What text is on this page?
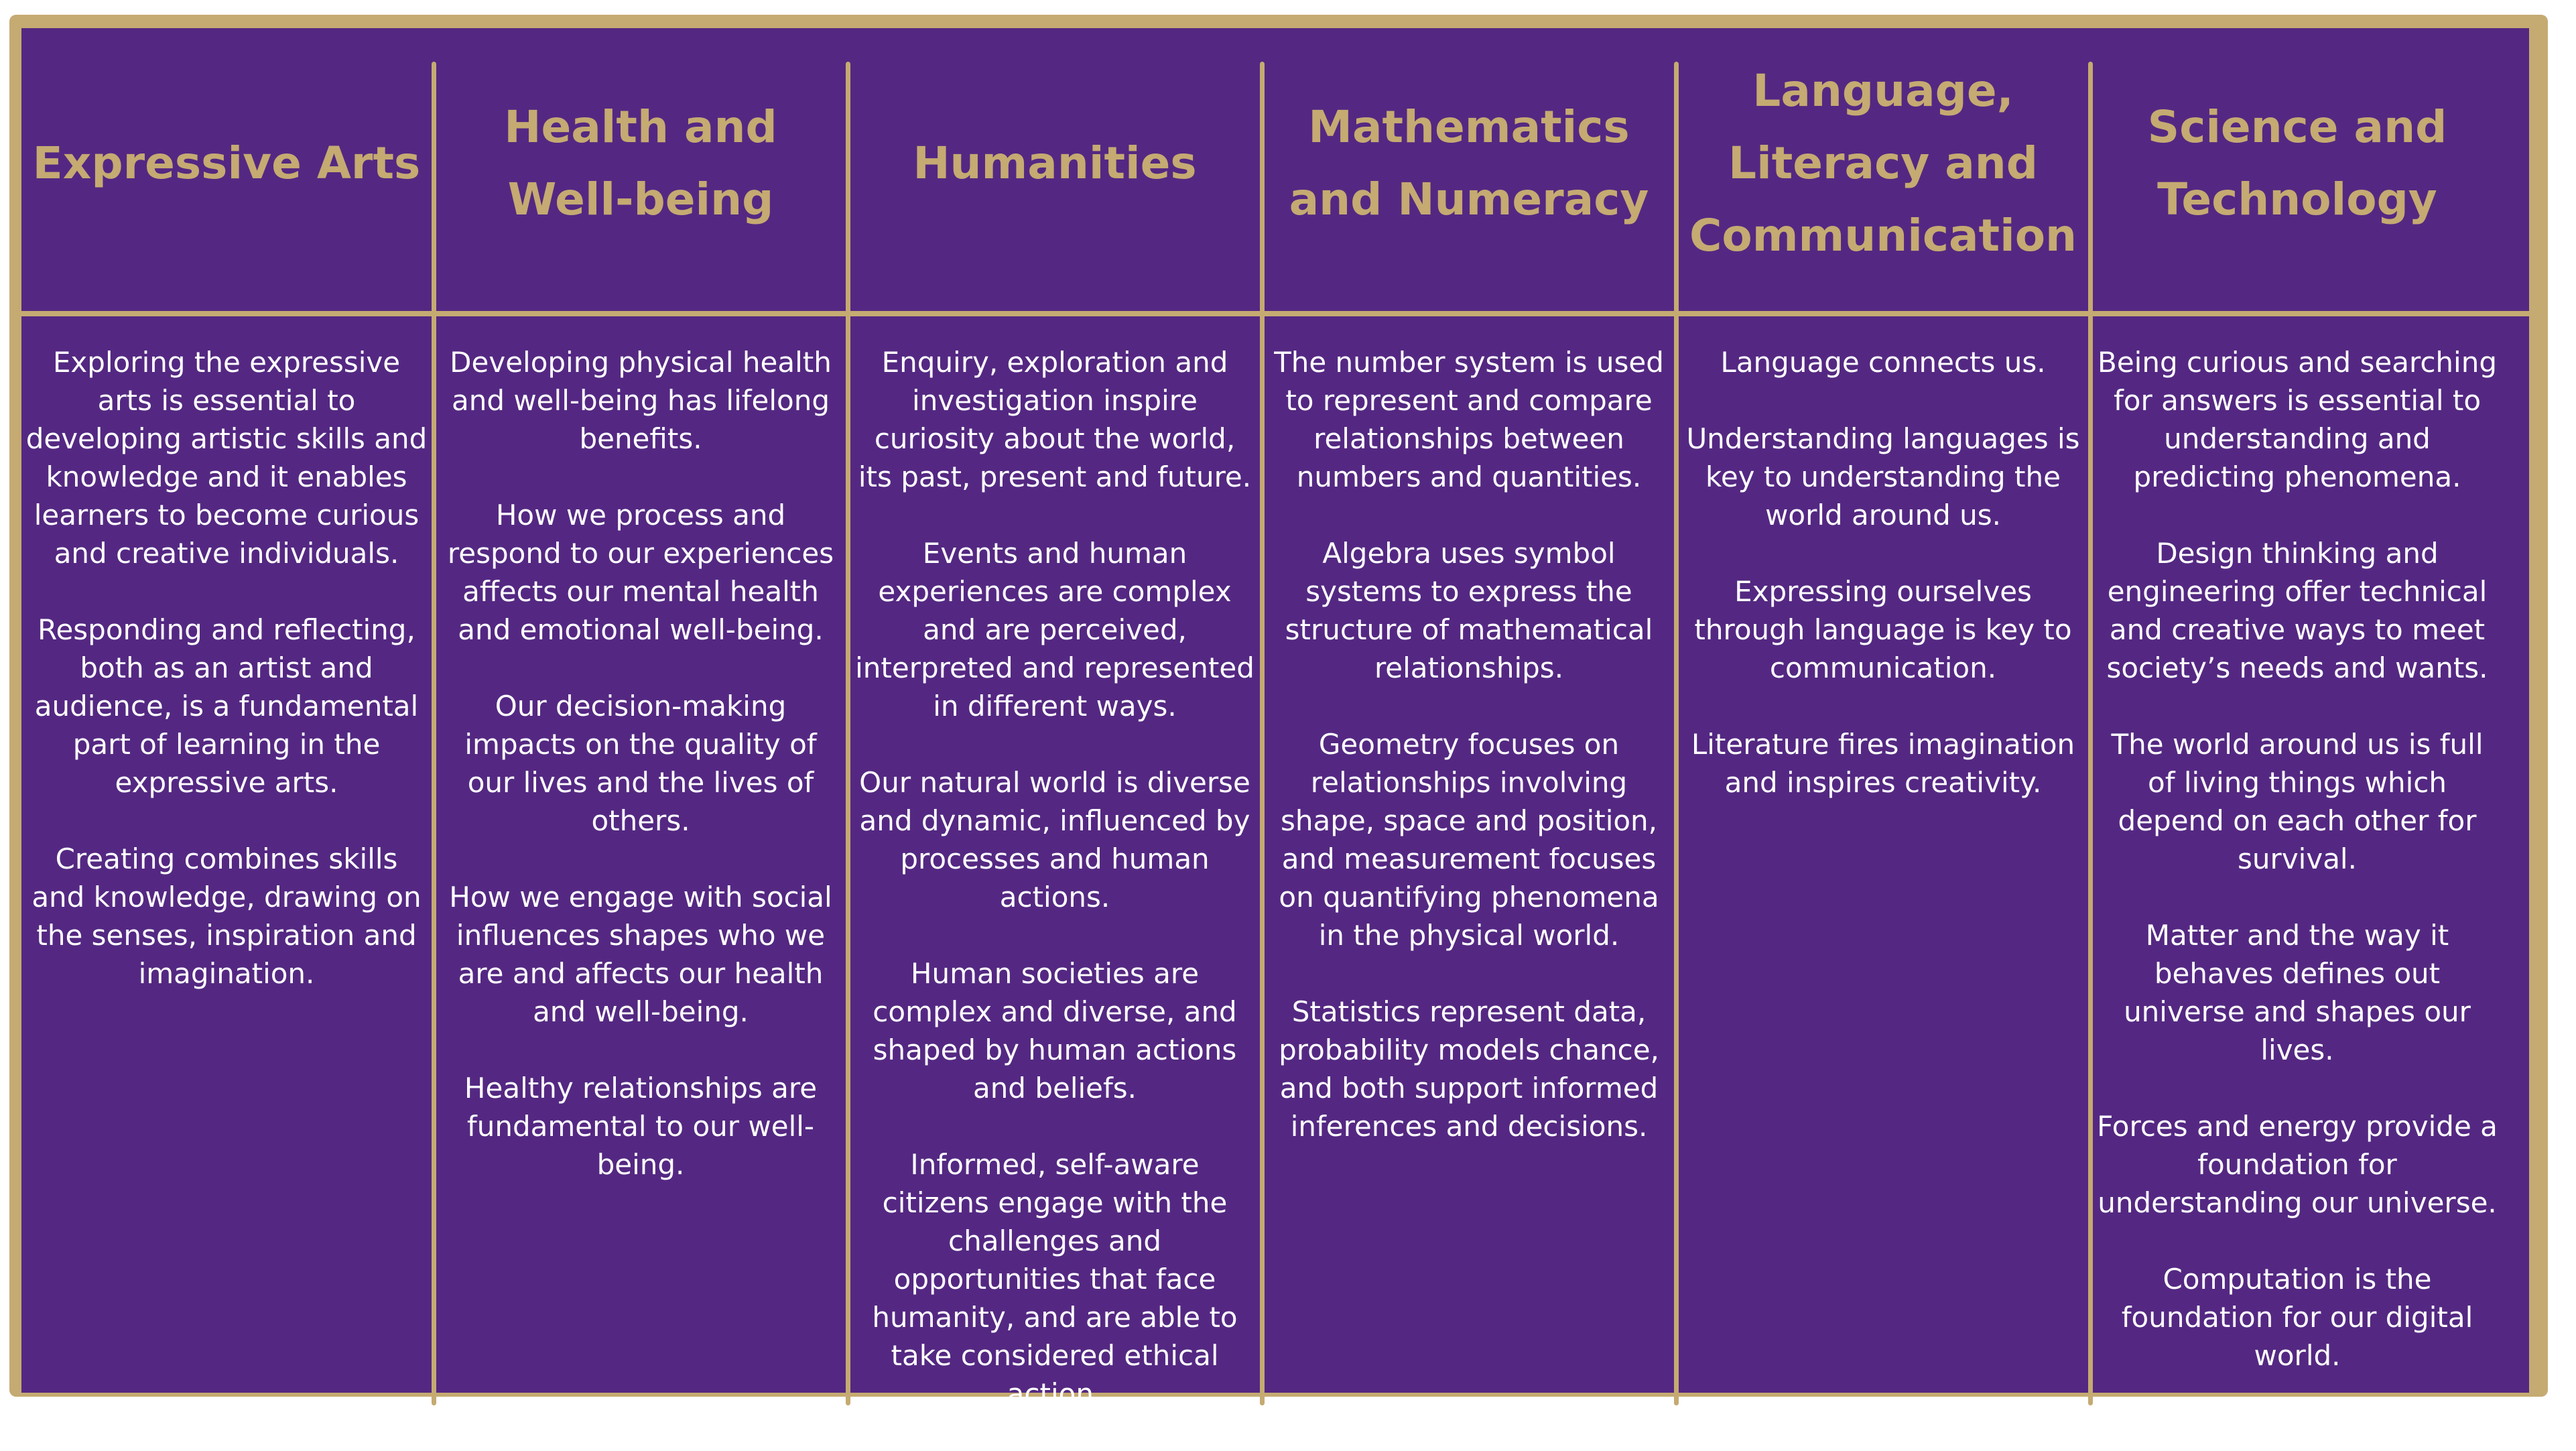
Expressive Arts
Exploring the expressive arts is essential to developing artistic skills and knowledge and it enables learners to become curious and creative individuals.
Responding and reflecting, both as an artist and audience, is a fundamental part of learning in the expressive arts.
Creating combines skills and knowledge, drawing on the senses, inspiration and imagination.
Health and Well-being
Developing physical health and well-being has lifelong benefits.
How we process and respond to our experiences affects our mental health and emotional well-being.
Our decision-making impacts on the quality of our lives and the lives of others.
How we engage with social influences shapes who we are and affects our health and well-being.
Healthy relationships are fundamental to our well-being.
Humanities
Enquiry, exploration and investigation inspire curiosity about the world, its past, present and future.
Events and human experiences are complex and are perceived, interpreted and represented in different ways.
Our natural world is diverse and dynamic, influenced by processes and human actions.
Human societies are complex and diverse, and shaped by human actions and beliefs.
Informed, self-aware citizens engage with the challenges and opportunities that face humanity, and are able to take considered ethical action.
Mathematics and Numeracy
The number system is used to represent and compare relationships between numbers and quantities.
Algebra uses symbol systems to express the structure of mathematical relationships.
Geometry focuses on relationships involving shape, space and position, and measurement focuses on quantifying phenomena in the physical world.
Statistics represent data, probability models chance, and both support informed inferences and decisions.
Language, Literacy and Communication
Language connects us.
Understanding languages is key to understanding the world around us.
Expressing ourselves through language is key to communication.
Literature fires imagination and inspires creativity.
Science and Technology
Being curious and searching for answers is essential to understanding and predicting phenomena.
Design thinking and engineering offer technical and creative ways to meet society’s needs and wants.
The world around us is full of living things which depend on each other for survival.
Matter and the way it behaves defines out universe and shapes our lives.
Forces and energy provide a foundation for understanding our universe.
Computation is the foundation for our digital world.
